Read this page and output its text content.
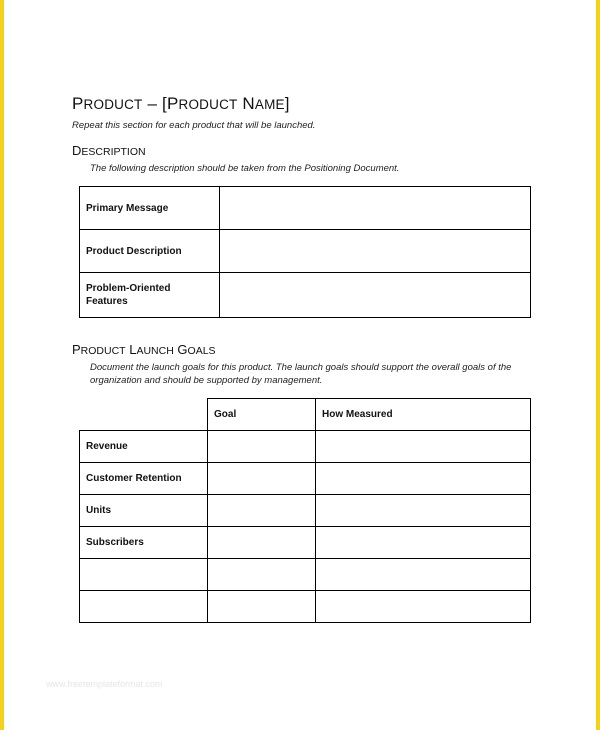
PRODUCT – [PRODUCT NAME]
Repeat this section for each product that will be launched.
DESCRIPTION
The following description should be taken from the Positioning Document.
Primary Message	
Product Description	
Problem-Oriented Features	
PRODUCT LAUNCH GOALS
Document the launch goals for this product. The launch goals should support the overall goals of the organization and should be supported by management.
	Goal	How Measured
Revenue		
Customer Retention		
Units		
Subscribers		

www.freetemplateformat.com
